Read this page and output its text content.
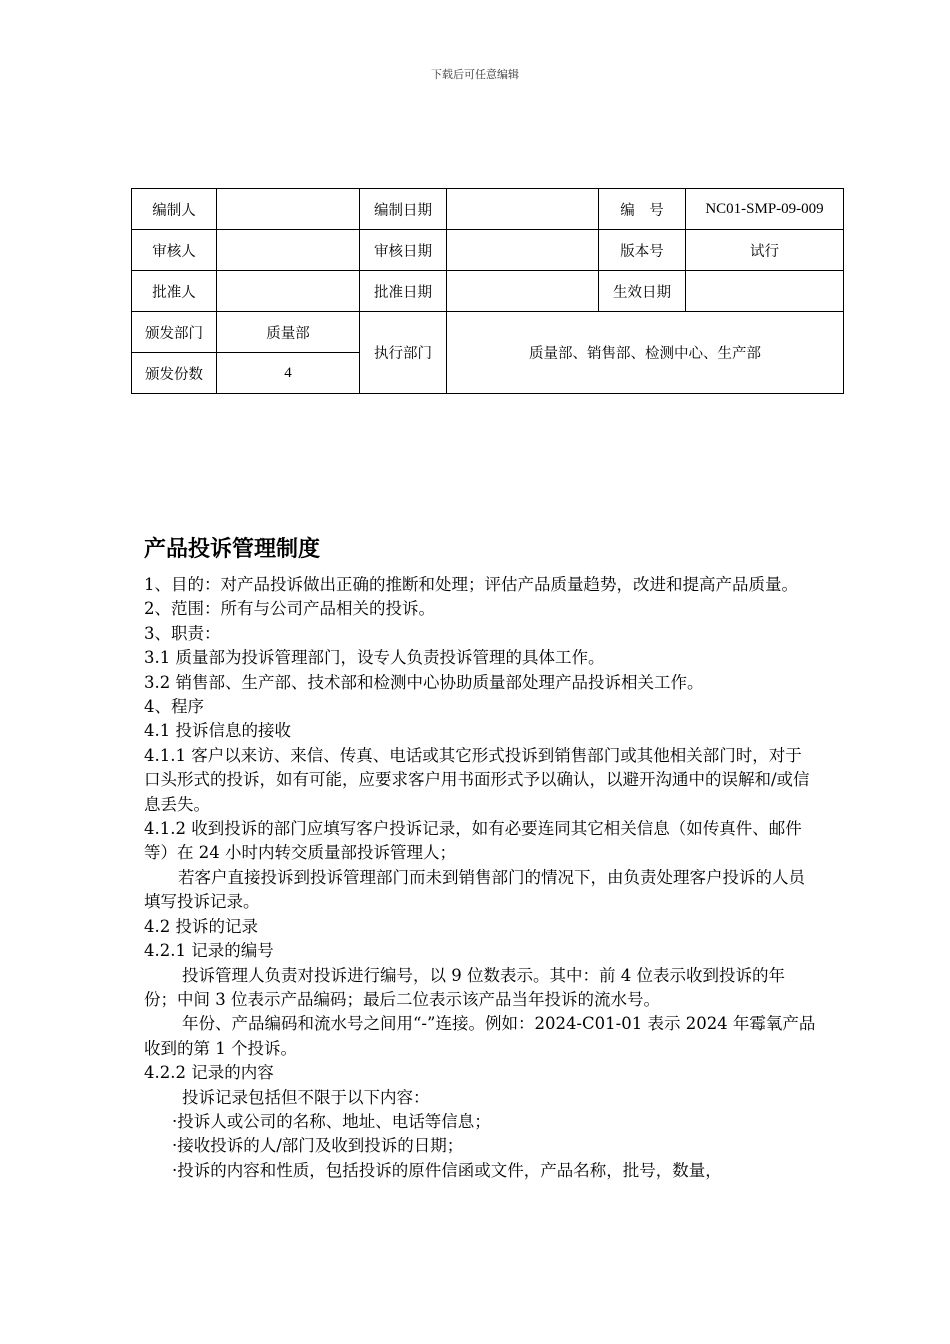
下载后可任意编辑
编制人		编制日期		编　号	NC01-SMP-09-009
审核人		审核日期		版本号	试行
批准人		批准日期		生效日期	
颁发部门	质量部	执行部门	质量部、销售部、检测中心、生产部		
颁发份数	4				
产品投诉管理制度

1、目的：对产品投诉做出正确的推断和处理；评估产品质量趋势，改进和提高产品质量。

2、范围：所有与公司产品相关的投诉。

3、职责：

3.1 质量部为投诉管理部门，设专人负责投诉管理的具体工作。

3.2 销售部、生产部、技术部和检测中心协助质量部处理产品投诉相关工作。

4、程序

4.1 投诉信息的接收

4.1.1 客户以来访、来信、传真、电话或其它形式投诉到销售部门或其他相关部门时，对于口头形式的投诉，如有可能，应要求客户用书面形式予以确认，以避开沟通中的误解和/或信息丢失。

4.1.2 收到投诉的部门应填写客户投诉记录，如有必要连同其它相关信息（如传真件、邮件等）在 24 小时内转交质量部投诉管理人；

若客户直接投诉到投诉管理部门而未到销售部门的情况下，由负责处理客户投诉的人员填写投诉记录。

4.2 投诉的记录

4.2.1 记录的编号

投诉管理人负责对投诉进行编号，以 9 位数表示。其中：前 4 位表示收到投诉的年份；中间 3 位表示产品编码；最后二位表示该产品当年投诉的流水号。

年份、产品编码和流水号之间用“-”连接。例如：2024-C01-01 表示 2024 年霉氧产品收到的第 1 个投诉。

4.2.2 记录的内容

投诉记录包括但不限于以下内容：

·投诉人或公司的名称、地址、电话等信息；

·接收投诉的人/部门及收到投诉的日期；

·投诉的内容和性质，包括投诉的原件信函或文件，产品名称，批号，数量，
